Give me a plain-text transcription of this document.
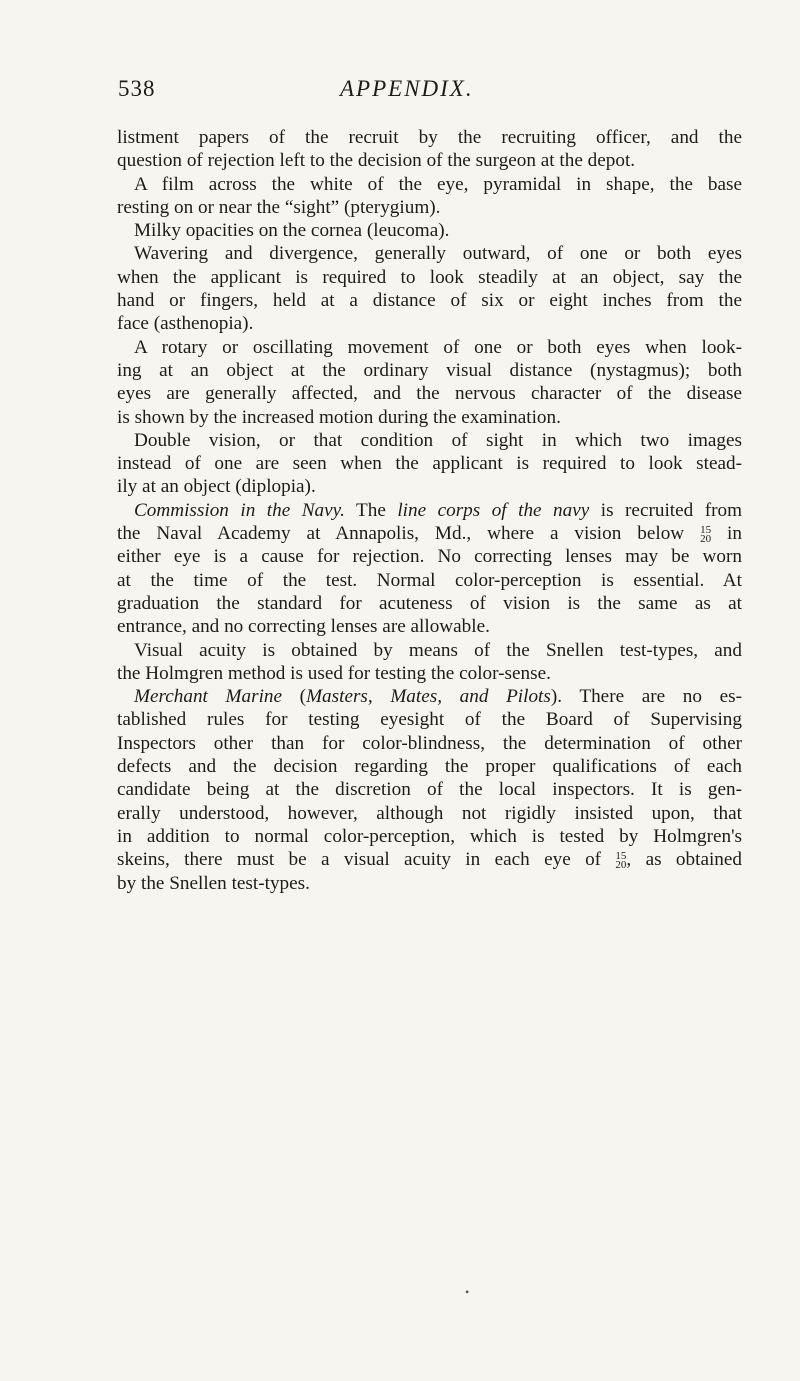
538	APPENDIX.
listment papers of the recruit by the recruiting officer, and the
question of rejection left to the decision of the surgeon at the depot.
A film across the white of the eye, pyramidal in shape, the base
resting on or near the “sight” (pterygium).
Milky opacities on the cornea (leucoma).
Wavering and divergence, generally outward, of one or both eyes
when the applicant is required to look steadily at an object, say the
hand or fingers, held at a distance of six or eight inches from the
face (asthenopia).
A rotary or oscillating movement of one or both eyes when look-
ing at an object at the ordinary visual distance (nystagmus); both
eyes are generally affected, and the nervous character of the disease
is shown by the increased motion during the examination.
Double vision, or that condition of sight in which two images
instead of one are seen when the applicant is required to look stead-
ily at an object (diplopia).
Commission in the Navy. The line corps of the navy is recruited from
the Naval Academy at Annapolis, Md., where a vision below 15
20 in
either eye is a cause for rejection. No correcting lenses may be worn
at the time of the test. Normal color-perception is essential. At
graduation the standard for acuteness of vision is the same as at
entrance, and no correcting lenses are allowable.
Visual acuity is obtained by means of the Snellen test-types, and
the Holmgren method is used for testing the color-sense.
Merchant Marine (Masters, Mates, and Pilots). There are no es-
tablished rules for testing eyesight of the Board of Supervising
Inspectors other than for color-blindness, the determination of other
defects and the decision regarding the proper qualifications of each
candidate being at the discretion of the local inspectors. It is gen-
erally understood, however, although not rigidly insisted upon, that
in addition to normal color-perception, which is tested by Holmgren's
skeins, there must be a visual acuity in each eye of 15
20 , as obtained
by the Snellen test-types.
•
